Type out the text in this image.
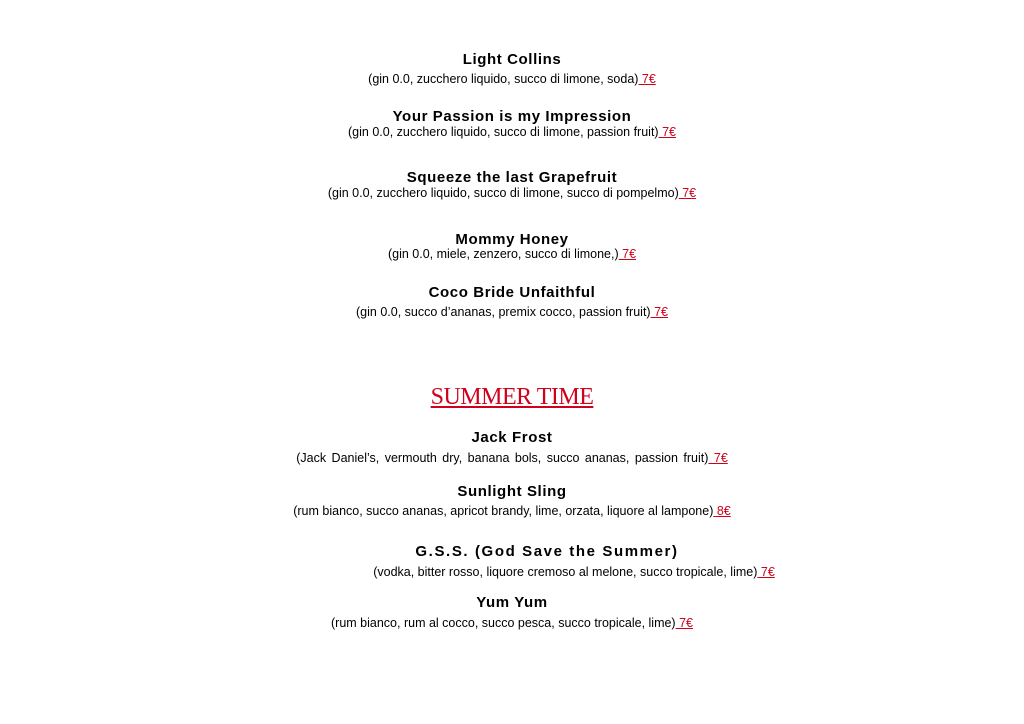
Light Collins
(gin 0.0, zucchero liquido, succo di limone, soda) 7€
Your Passion is my Impression
(gin 0.0, zucchero liquido, succo di limone, passion fruit) 7€
Squeeze the last Grapefruit
(gin 0.0, zucchero liquido, succo di limone, succo di pompelmo) 7€
Mommy Honey
(gin 0.0, miele, zenzero, succo di limone,) 7€
Coco Bride Unfaithful
(gin 0.0, succo d’ananas, premix cocco, passion fruit) 7€
SUMMER TIME
Jack Frost
(Jack Daniel’s, vermouth dry, banana bols, succo ananas, passion fruit) 7€
Sunlight Sling
(rum bianco, succo ananas, apricot brandy, lime, orzata, liquore al lampone) 8€
G.S.S. (God Save the Summer)
(vodka, bitter rosso, liquore cremoso al melone, succo tropicale, lime) 7€
Yum Yum
(rum bianco, rum al cocco, succo pesca, succo tropicale, lime) 7€
